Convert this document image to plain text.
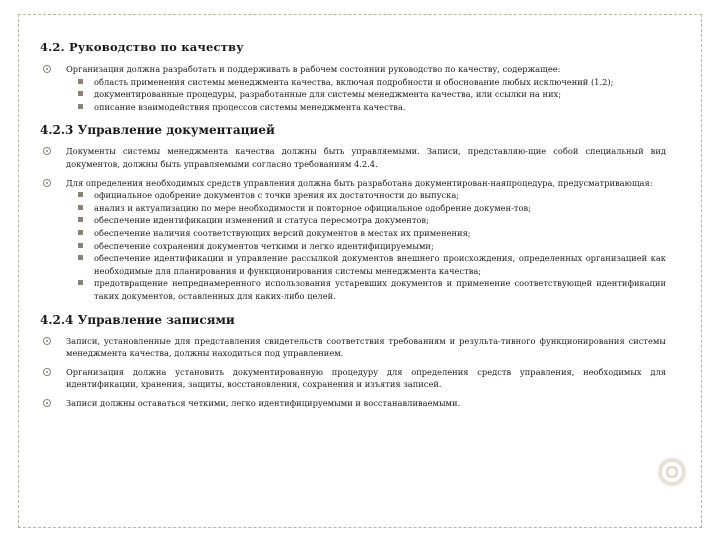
4.2. Руководство по качеству
Организация должна разработать и поддерживать в рабочем состоянии руководство по качеству, содержащее:
область применения системы менеджмента качества, включая подробности и обоснование любых исключений (1.2);
документированные процедуры, разработанные для системы менеджмента качества, или ссылки на них;
описание взаимодействия процессов системы менеджмента качества.
4.2.3 Управление документацией
Документы системы менеджмента качества должны быть управляемыми. Записи, представляю-щие собой специальный вид документов, должны быть управляемыми согласно требованиям 4.2.4.
Для определения необходимых средств управления должна быть разработана документирован-наяпроцедура, предусматривающая:
официальное одобрение документов с точки зрения их достаточности до выпуска;
анализ и актуализацию по мере необходимости и повторное официальное одобрение докумен-тов;
обеспечение идентификации изменений и статуса пересмотра документов;
обеспечение наличия соответствующих версий документов в местах их применения;
обеспечение сохранения документов четкими и легко идентифицируемыми;
обеспечение идентификации и управление рассылкой документов внешнего происхождения, определенных организацией как необходимые для планирования и функционирования системы менеджмента качества;
предотвращение непреднамеренного использования устаревших документов и применение соответствующей идентификации таких документов, оставленных для каких-либо целей.
4.2.4 Управление записями
Записи, установленные для представления свидетельств соответствия требованиям и результа-тивного функционирования системы менеджмента качества, должны находиться под управлением.
Организация должна установить документированную процедуру для определения средств управления, необходимых для идентификации, хранения, защиты, восстановления, сохранения и изъятия записей.
Записи должны оставаться четкими, легко идентифицируемыми и восстанавливаемыми.
